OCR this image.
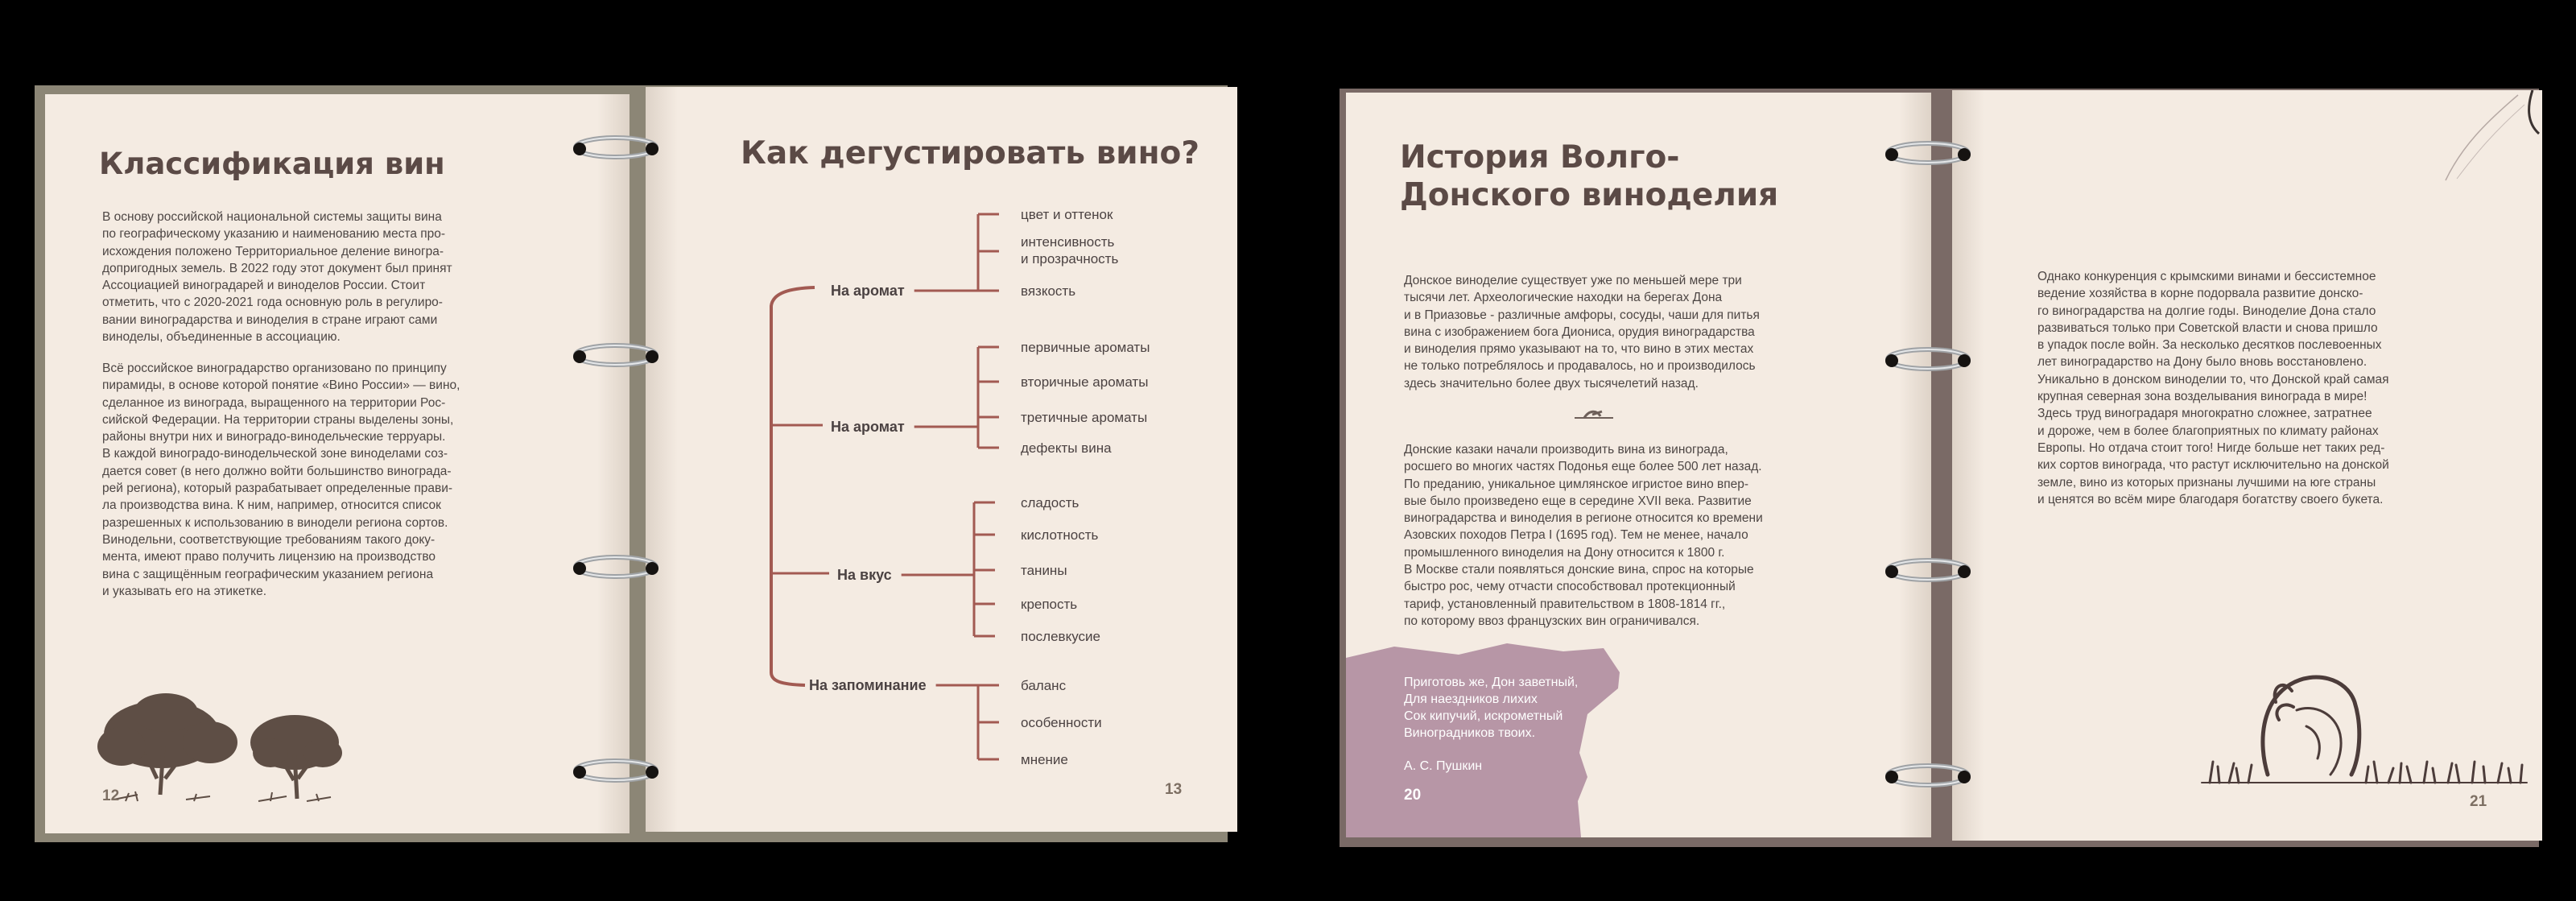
Классификация вин

В основу российской национальной системы защиты вина
по географическому указанию и наименованию места про-
исхождения положено Территориальное деление виногра-
допригодных земель. В 2022 году этот документ был принят
Ассоциацией виноградарей и виноделов России. Стоит
отметить, что с 2020-2021 года основную роль в регулиро-
вании виноградарства и виноделия в стране играют сами
виноделы, объединенные в ассоциацию.

Всё российское виноградарство организовано по принципу
пирамиды, в основе которой понятие «Вино России» — вино,
сделанное из винограда, выращенного на территории Рос-
сийской Федерации. На территории страны выделены зоны,
районы внутри них и виноградо-винодельческие терруары.
В каждой виноградо-винодельческой зоне виноделами соз-
дается совет (в него должно войти большинство виноградa-
рей региона), который разрабатывает определенные прави-
ла производства вина. К ним, например, относится список
разрешенных к использованию в винодели региона сортов.
Винодельни, соответствующие требованиям такого доку-
мента, имеют право получить лицензию на производство
вина с защищённым географическим указанием региона
и указывать его на этикетке.

12
Как дегустировать вино?
13
На аромат
цвет и оттенок
интенсивность и прозрачность
вязкость
На аромат
первичные ароматы
вторичные ароматы
третичные ароматы
дефекты вина
На вкус
сладость
кислотность
танины
крепость
послевкусие
На запоминание	баланс
особенности
мнение
История Волго-
Донского виноделия

Донское виноделие существует уже по меньшей мере три
тысячи лет. Археологические находки на берегах Дона
и в Приазовье - различные амфоры, сосуды, чаши для питья
вина с изображением бога Диониса, орудия виноградарства
и виноделия прямо указывают на то, что вино в этих местах
не только потреблялось и продавалось, но и производилось
здесь значительно более двух тысячелетий назад.

Донские казаки начали производить вина из винограда,
росшего во многих частях Подонья еще более 500 лет назад.
По преданию, уникальное цимлянское игристое вино впер-
вые было произведено еще в середине XVII века. Развитие
виноградарства и виноделия в регионе относится ко времени
Азовских походов Петра I (1695 год). Тем не менее, начало
промышленного виноделия на Дону относится к 1800 г.
В Москве стали появляться донские вина, спрос на которые
быстро рос, чему отчасти способствовал протекционный
тариф, установленный правительством в 1808-1814 гг.,
по которому ввоз французских вин ограничивался.

Приготовь же, Дон заветный,
Для наездников лихих
Сок кипучий, искрометный
Виноградников твоих.

А. С. Пушкин
20

Однако конкуренция с крымскими винами и бессистемное
ведение хозяйства в корне подорвала развитие донско-
го виноградарства на долгие годы. Виноделие Дона стало
развиваться только при Советской власти и снова пришло
в упадок после войн. За несколько десятков послевоенных
лет виноградарство на Дону было вновь восстановлено.
Уникально в донском виноделии то, что Донской край самая
крупная северная зона возделывания винограда в мире!
Здесь труд виноградаря многократно сложнее, затратнее
и дороже, чем в более благоприятных по климату районах
Европы. Но отдача стоит того! Нигде больше нет таких ред-
ких сортов винограда, что растут исключительно на донской
земле, вино из которых признаны лучшими на юге страны
и ценятся во всём мире благодаря богатству своего букета.

21
